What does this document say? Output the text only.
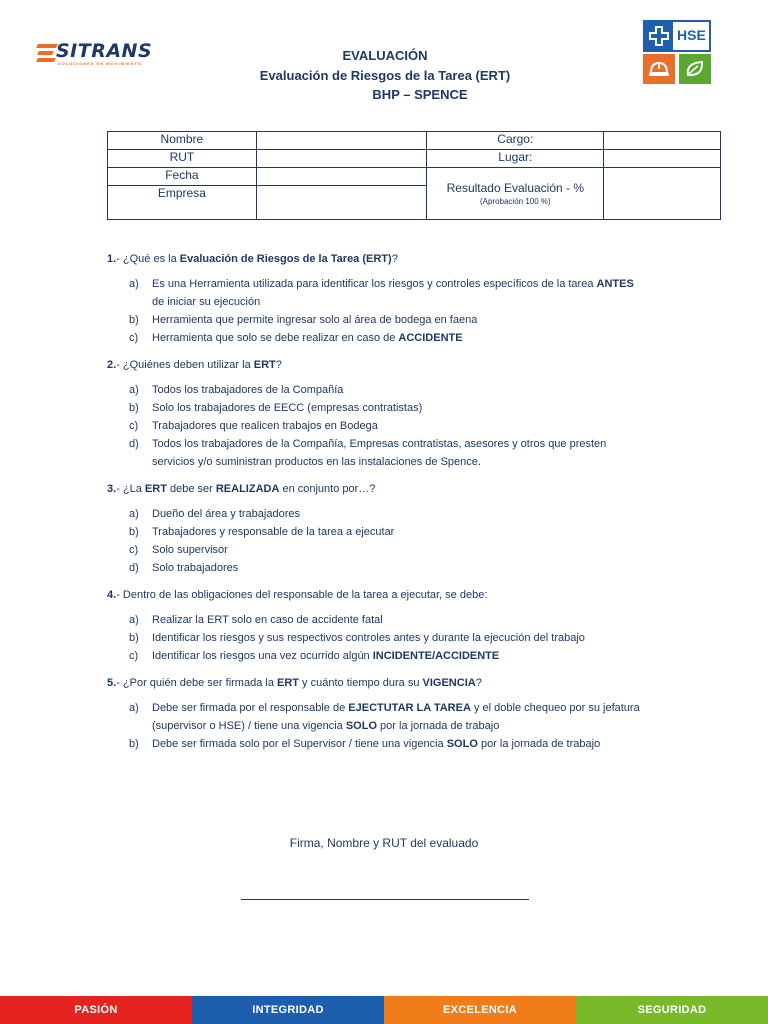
SITRANS
SOLUCIONES EN MOVIMIENTO
EVALUACIÓN
Evaluación de Riesgos de la Tarea (ERT)
BHP – SPENCE
HSE
Nombre		Cargo:	
RUT		Lugar:	
Fecha		Resultado Evaluación - %
(Aprobación 100 %)	

Empresa			
1.- ¿Qué es la Evaluación de Riesgos de la Tarea (ERT)?
a) Es una Herramienta utilizada para identificar los riesgos y controles específicos de la tarea ANTES
de iniciar su ejecución
b) Herramienta que permite ingresar solo al área de bodega en faena
c) Herramienta que solo se debe realizar en caso de ACCIDENTE
2.- ¿Quiénes deben utilizar la ERT?
a) Todos los trabajadores de la Compañía
b) Solo los trabajadores de EECC (empresas contratistas)
c) Trabajadores que realicen trabajos en Bodega
d) Todos los trabajadores de la Compañía, Empresas contratistas, asesores y otros que presten
servicios y/o suministran productos en las instalaciones de Spence.
3.- ¿La ERT debe ser REALIZADA en conjunto por…?
a) Dueño del área y trabajadores
b) Trabajadores y responsable de la tarea a ejecutar
c) Solo supervisor
d) Solo trabajadores
4.- Dentro de las obligaciones del responsable de la tarea a ejecutar, se debe:
a) Realizar la ERT solo en caso de accidente fatal
b) Identificar los riesgos y sus respectivos controles antes y durante la ejecución del trabajo
c) Identificar los riesgos una vez ocurrido algún INCIDENTE/ACCIDENTE
5.- ¿Por quién debe ser firmada la ERT y cuánto tiempo dura su VIGENCIA?
a) Debe ser firmada por el responsable de EJECTUTAR LA TAREA y el doble chequeo por su jefatura
(supervisor o HSE) / tiene una vigencia SOLO por la jornada de trabajo
b) Debe ser firmada solo por el Supervisor / tiene una vigencia SOLO por la jornada de trabajo
Firma, Nombre y RUT del evaluado
PASIÓN	INTEGRIDAD	EXCELENCIA	SEGURIDAD
